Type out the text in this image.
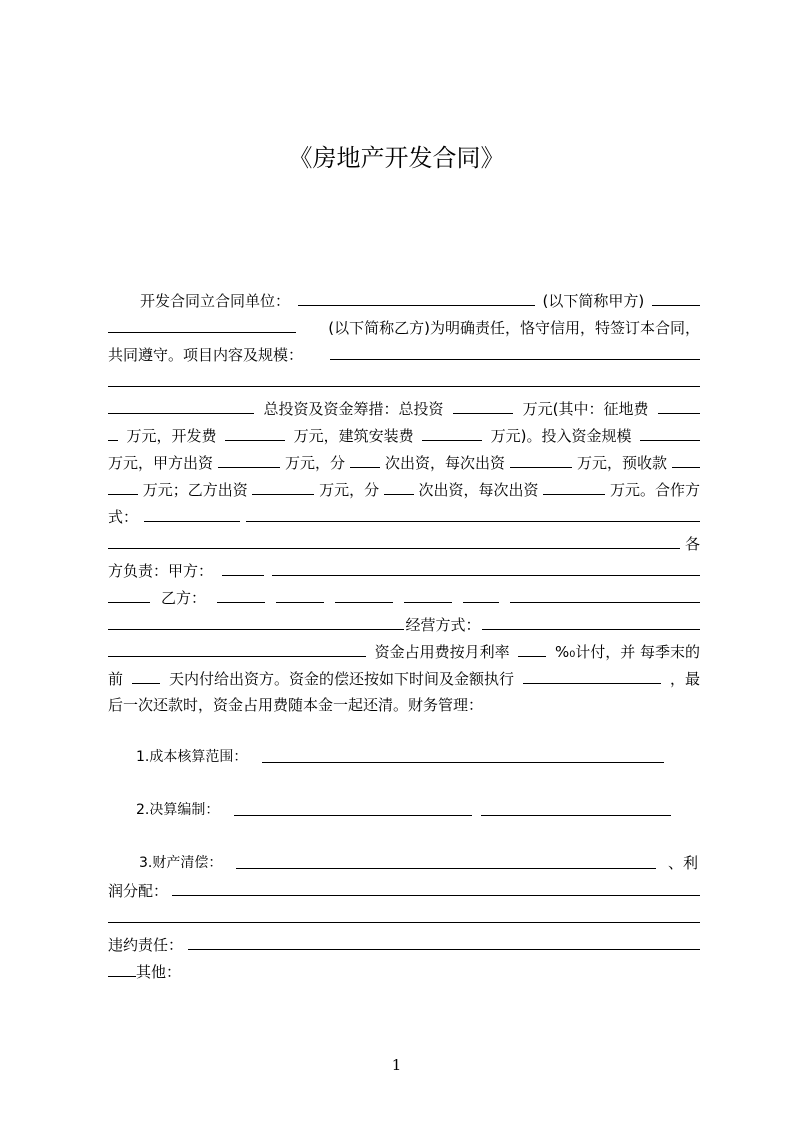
《房地产开发合同》
开发合同立合同单位：	(以下简称甲方)
(以下简称乙方)为明确责任，恪守信用，特签订本合同，
共同遵守。项目内容及规模：
总投资及资金筹措：总投资	万元(其中：征地费
万元，开发费	万元，建筑安装费	万元)。投入资金规模
万元，甲方出资	万元，分	次出资，每次出资	万元，预收款
万元；乙方出资	万元，分	次出资，每次出资	万元。合作方
式：
各
方负责：甲方：
乙方：
经营方式：
资金占用费按月利率	%₀计付，并 每季末的
前	天内付给出资方。资金的偿还按如下时间及金额执行	，最
后一次还款时，资金占用费随本金一起还清。财务管理：
1.成本核算范围：
2.决算编制：
3.财产清偿：	、利
润分配：
违约责任：
其他：
1
